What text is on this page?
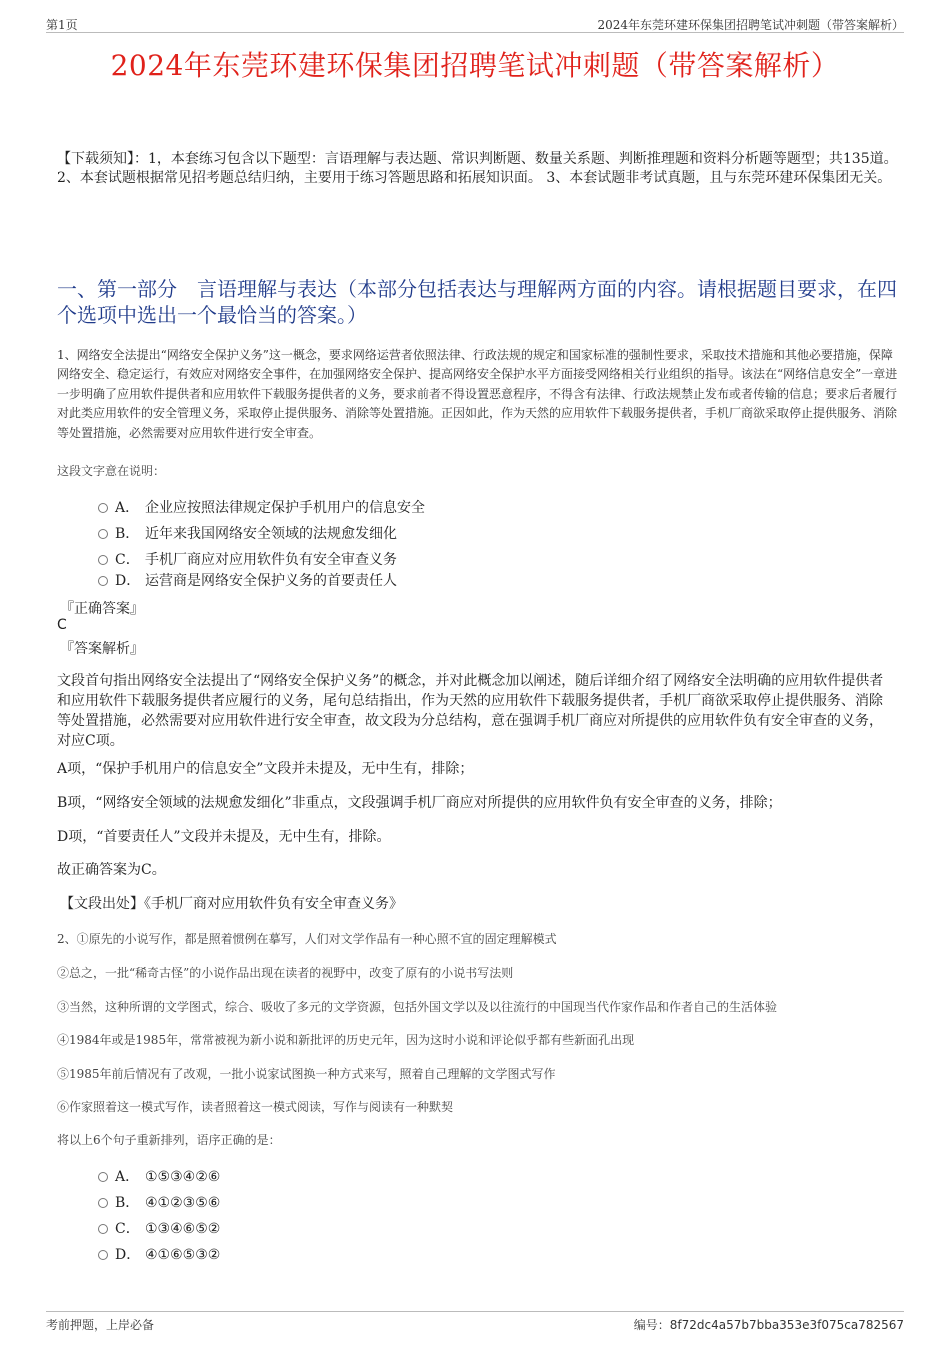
第1页	2024年东莞环建环保集团招聘笔试冲刺题（带答案解析）
2024年东莞环建环保集团招聘笔试冲刺题（带答案解析）
【下载须知】：1，本套练习包含以下题型：言语理解与表达题、常识判断题、数量关系题、判断推理题和资料分析题等题型；共135道。 2、本套试题根据常见招考题总结归纳，主要用于练习答题思路和拓展知识面。 3、本套试题非考试真题，且与东莞环建环保集团无关。
一、第一部分　言语理解与表达（本部分包括表达与理解两方面的内容。请根据题目要求，在四个选项中选出一个最恰当的答案。）
1、网络安全法提出“网络安全保护义务”这一概念，要求网络运营者依照法律、行政法规的规定和国家标准的强制性要求，采取技术措施和其他必要措施，保障网络安全、稳定运行，有效应对网络安全事件，在加强网络安全保护、提高网络安全保护水平方面接受网络相关行业组织的指导。该法在“网络信息安全”一章进一步明确了应用软件提供者和应用软件下载服务提供者的义务，要求前者不得设置恶意程序，不得含有法律、行政法规禁止发布或者传输的信息；要求后者履行对此类应用软件的安全管理义务，采取停止提供服务、消除等处置措施。正因如此，作为天然的应用软件下载服务提供者，手机厂商欲采取停止提供服务、消除等处置措施，必然需要对应用软件进行安全审查。
这段文字意在说明：
A． 企业应按照法律规定保护手机用户的信息安全
B． 近年来我国网络安全领域的法规愈发细化
C． 手机厂商应对应用软件负有安全审查义务
D． 运营商是网络安全保护义务的首要责任人
『正确答案』
C
『答案解析』
文段首句指出网络安全法提出了“网络安全保护义务”的概念，并对此概念加以阐述，随后详细介绍了网络安全法明确的应用软件提供者和应用软件下载服务提供者应履行的义务，尾句总结指出，作为天然的应用软件下载服务提供者，手机厂商欲采取停止提供服务、消除等处置措施，必然需要对应用软件进行安全审查，故文段为分总结构，意在强调手机厂商应对所提供的应用软件负有安全审查的义务，对应C项。
A项，“保护手机用户的信息安全”文段并未提及，无中生有，排除；
B项，“网络安全领域的法规愈发细化”非重点，文段强调手机厂商应对所提供的应用软件负有安全审查的义务，排除；
D项，“首要责任人”文段并未提及，无中生有，排除。
故正确答案为C。
【文段出处】《手机厂商对应用软件负有安全审查义务》
2、①原先的小说写作，都是照着惯例在摹写，人们对文学作品有一种心照不宣的固定理解模式
②总之，一批“稀奇古怪”的小说作品出现在读者的视野中，改变了原有的小说书写法则
③当然，这种所谓的文学图式，综合、吸收了多元的文学资源，包括外国文学以及以往流行的中国现当代作家作品和作者自己的生活体验
④1984年或是1985年，常常被视为新小说和新批评的历史元年，因为这时小说和评论似乎都有些新面孔出现
⑤1985年前后情况有了改观，一批小说家试图换一种方式来写，照着自己理解的文学图式写作
⑥作家照着这一模式写作，读者照着这一模式阅读，写作与阅读有一种默契
将以上6个句子重新排列，语序正确的是：
A． ①⑤③④②⑥
B． ④①②③⑤⑥
C． ①③④⑥⑤②
D． ④①⑥⑤③②
考前押题，上岸必备	编号：8f72dc4a57b7bba353e3f075ca782567
